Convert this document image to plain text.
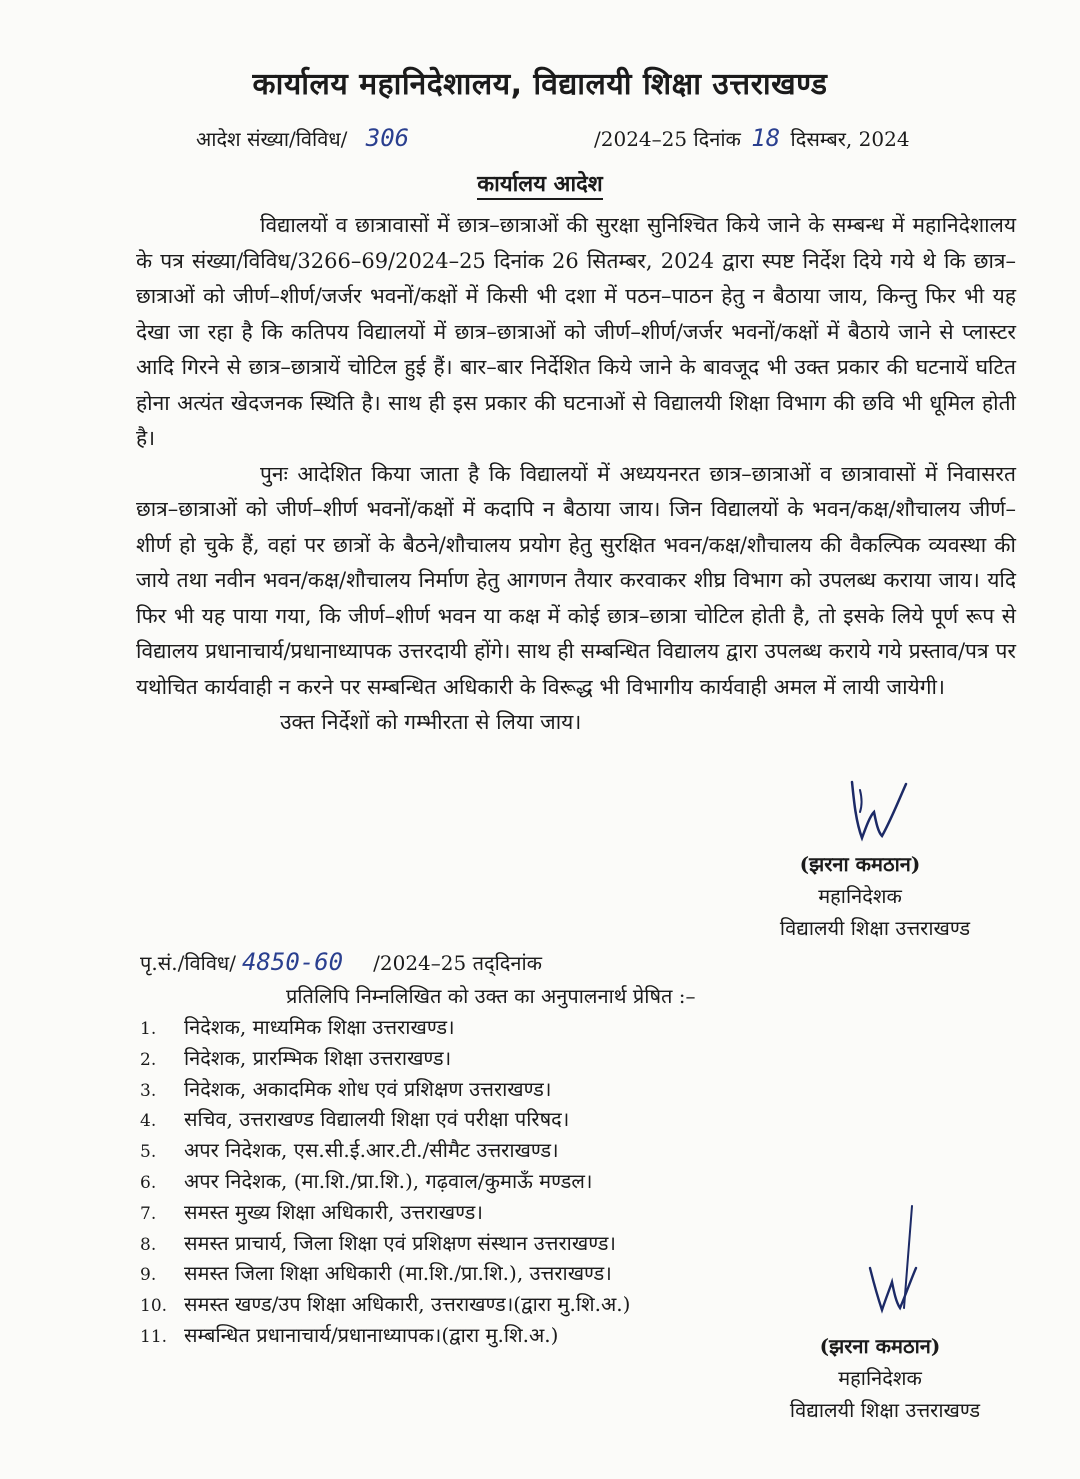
कार्यालय महानिदेशालय, विद्यालयी शिक्षा उत्तराखण्ड
आदेश संख्या/विविध/ 306	/2024–25 दिनांक 18 दिसम्बर, 2024
कार्यालय आदेश

विद्यालयों व छात्रावासों में छात्र–छात्राओं की सुरक्षा सुनिश्चित किये जाने के सम्बन्ध में महानिदेशालय के पत्र संख्या/विविध/3266–69/2024–25 दिनांक 26 सितम्बर, 2024 द्वारा स्पष्ट निर्देश दिये गये थे कि छात्र–छात्राओं को जीर्ण–शीर्ण/जर्जर भवनों/कक्षों में किसी भी दशा में पठन–पाठन हेतु न बैठाया जाय, किन्तु फिर भी यह देखा जा रहा है कि कतिपय विद्यालयों में छात्र–छात्राओं को जीर्ण–शीर्ण/जर्जर भवनों/कक्षों में बैठाये जाने से प्लास्टर आदि गिरने से छात्र–छात्रायें चोटिल हुई हैं। बार–बार निर्देशित किये जाने के बावजूद भी उक्त प्रकार की घटनायें घटित होना अत्यंत खेदजनक स्थिति है। साथ ही इस प्रकार की घटनाओं से विद्यालयी शिक्षा विभाग की छवि भी धूमिल होती है।

पुनः आदेशित किया जाता है कि विद्यालयों में अध्ययनरत छात्र–छात्राओं व छात्रावासों में निवासरत छात्र–छात्राओं को जीर्ण–शीर्ण भवनों/कक्षों में कदापि न बैठाया जाय। जिन विद्यालयों के भवन/कक्ष/शौचालय जीर्ण–शीर्ण हो चुके हैं, वहां पर छात्रों के बैठने/शौचालय प्रयोग हेतु सुरक्षित भवन/कक्ष/शौचालय की वैकल्पिक व्यवस्था की जाये तथा नवीन भवन/कक्ष/शौचालय निर्माण हेतु आगणन तैयार करवाकर शीघ्र विभाग को उपलब्ध कराया जाय। यदि फिर भी यह पाया गया, कि जीर्ण–शीर्ण भवन या कक्ष में कोई छात्र–छात्रा चोटिल होती है, तो इसके लिये पूर्ण रूप से विद्यालय प्रधानाचार्य/प्रधानाध्यापक उत्तरदायी होंगे। साथ ही सम्बन्धित विद्यालय द्वारा उपलब्ध कराये गये प्रस्ताव/पत्र पर यथोचित कार्यवाही न करने पर सम्बन्धित अधिकारी के विरूद्ध भी विभागीय कार्यवाही अमल में लायी जायेगी।

उक्त निर्देशों को गम्भीरता से लिया जाय।

(झरना कमठान)
महानिदेशक
विद्यालयी शिक्षा उत्तराखण्ड
पृ.सं./विविध/ 4850-60 /2024–25 तद्‌दिनांक
प्रतिलिपि निम्नलिखित को उक्त का अनुपालनार्थ प्रेषित :–
1. निदेशक, माध्यमिक शिक्षा उत्तराखण्ड।
2. निदेशक, प्रारम्भिक शिक्षा उत्तराखण्ड।
3. निदेशक, अकादमिक शोध एवं प्रशिक्षण उत्तराखण्ड।
4. सचिव, उत्तराखण्ड विद्यालयी शिक्षा एवं परीक्षा परिषद।
5. अपर निदेशक, एस.सी.ई.आर.टी./सीमैट उत्तराखण्ड।
6. अपर निदेशक, (मा.शि./प्रा.शि.), गढ़वाल/कुमाऊँ मण्डल।
7. समस्त मुख्य शिक्षा अधिकारी, उत्तराखण्ड।
8. समस्त प्राचार्य, जिला शिक्षा एवं प्रशिक्षण संस्थान उत्तराखण्ड।
9. समस्त जिला शिक्षा अधिकारी (मा.शि./प्रा.शि.), उत्तराखण्ड।
10. समस्त खण्ड/उप शिक्षा अधिकारी, उत्तराखण्ड।(द्वारा मु.शि.अ.)
11. सम्बन्धित प्रधानाचार्य/प्रधानाध्यापक।(द्वारा मु.शि.अ.)	(झरना कमठान)
महानिदेशक
विद्यालयी शिक्षा उत्तराखण्ड
